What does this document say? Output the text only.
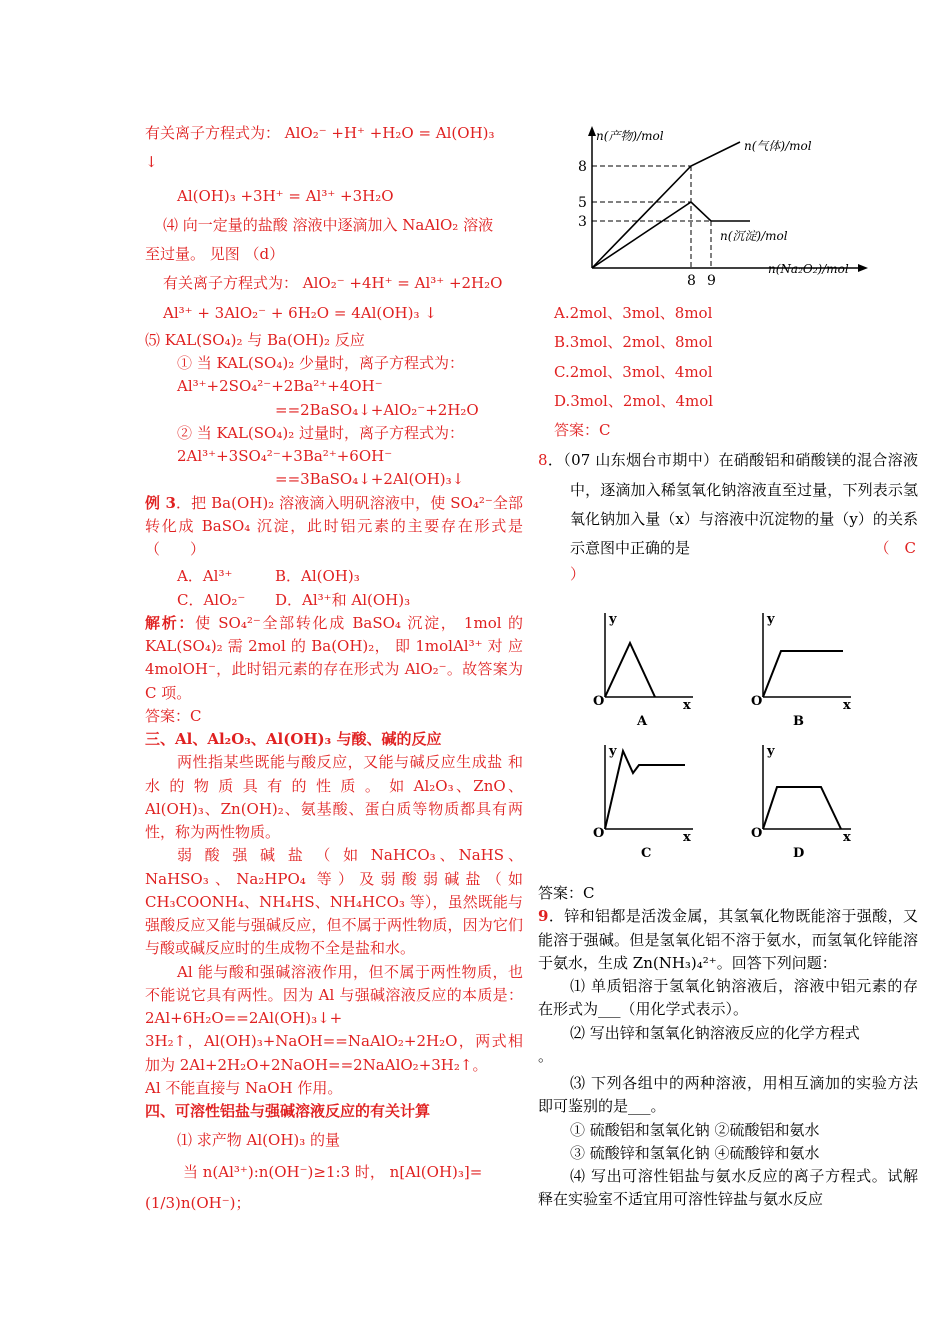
有关离子方程式为： AlO₂⁻ +H⁺ +H₂O = Al(OH)₃

↓

Al(OH)₃ +3H⁺ = Al³⁺ +3H₂O

⑷ 向一定量的盐酸 溶液中逐滴加入 NaAlO₂ 溶液

至过量。 见图 （d）

有关离子方程式为： AlO₂⁻ +4H⁺ = Al³⁺ +2H₂O

Al³⁺ + 3AlO₂⁻ + 6H₂O = 4Al(OH)₃ ↓

⑸ KAL(SO₄)₂ 与 Ba(OH)₂ 反应

① 当 KAL(SO₄)₂ 少量时，离子方程式为：

Al³⁺+2SO₄²⁻+2Ba²⁺+4OH⁻

==2BaSO₄↓+AlO₂⁻+2H₂O

② 当 KAL(SO₄)₂ 过量时，离子方程式为：

2Al³⁺+3SO₄²⁻+3Ba²⁺+6OH⁻

==3BaSO₄↓+2Al(OH)₃↓

例 3．把 Ba(OH)₂ 溶液滴入明矾溶液中，使 SO₄²⁻全部转化成 BaSO₄ 沉淀，此时铝元素的主要存在形式是（　　）

A．Al³⁺	B．Al(OH)₃

C．AlO₂⁻ D．Al³⁺和 Al(OH)₃

解析：使 SO₄²⁻全部转化成 BaSO₄ 沉淀， 1mol 的 KAL(SO₄)₂ 需 2mol 的 Ba(OH)₂， 即 1molAl³⁺ 对 应 4molOH⁻，此时铝元素的存在形式为 AlO₂⁻。故答案为 C 项。

答案：C

三、Al、Al₂O₃、Al(OH)₃ 与酸、碱的反应

两性指某些既能与酸反应，又能与碱反应生成盐 和 水 的 物 质 具 有 的 性 质 。 如 Al₂O₃、ZnO、Al(OH)₃、Zn(OH)₂、氨基酸、蛋白质等物质都具有两性，称为两性物质。

弱 酸 强 碱 盐 （ 如 NaHCO₃、NaHS、NaHSO₃、Na₂HPO₄ 等）及弱酸弱碱盐（如 CH₃COONH₄、NH₄HS、NH₄HCO₃ 等），虽然既能与强酸反应又能与强碱反应，但不属于两性物质，因为它们与酸或碱反应时的生成物不全是盐和水。

Al 能与酸和强碱溶液作用，但不属于两性物质，也不能说它具有两性。因为 Al 与强碱溶液反应的本质是：2Al+6H₂O==2Al(OH)₃↓+

3H₂↑，Al(OH)₃+NaOH==NaAlO₂+2H₂O，两式相加为 2Al+2H₂O+2NaOH==2NaAlO₂+3H₂↑。

Al 不能直接与 NaOH 作用。

四、可溶性铝盐与强碱溶液反应的有关计算

⑴ 求产物 Al(OH)₃ 的量

当 n(Al³⁺):n(OH⁻)≥1:3 时， n[Al(OH)₃]=

(1/3)n(OH⁻)；

8
5
3
8 9
n(产物)/mol
n(气体)/mol
n(沉淀)/mol
n(Na₂O₂)/mol

A.2mol、3mol、8mol

B.3mol、2mol、8mol

C.2mol、3mol、4mol

D.3mol、2mol、4mol

答案：C

8．（07 山东烟台市期中）在硝酸铝和硝酸镁的混合溶液中，逐滴加入稀氢氧化钠溶液直至过量，下列表示氢氧化钠加入量（x）与溶液中沉淀物的量（y）的关系示意图中正确的是	（　C

）

y
x
O
A
y
x
O
B
y
x
O
C
y
x
O
D

答案：C

9．锌和铝都是活泼金属，其氢氧化物既能溶于强酸，又能溶于强碱。但是氢氧化铝不溶于氨水，而氢氧化锌能溶于氨水，生成 Zn(NH₃)₄²⁺。回答下列问题：

⑴ 单质铝溶于氢氧化钠溶液后，溶液中铝元素的存在形式为___（用化学式表示）。

⑵ 写出锌和氢氧化钠溶液反应的化学方程式

。

⑶ 下列各组中的两种溶液，用相互滴加的实验方法即可鉴别的是___。

① 硫酸铝和氢氧化钠 ②硫酸铝和氨水

③ 硫酸锌和氢氧化钠 ④硫酸锌和氨水

⑷ 写出可溶性铝盐与氨水反应的离子方程式。试解释在实验室不适宜用可溶性锌盐与氨水反应
